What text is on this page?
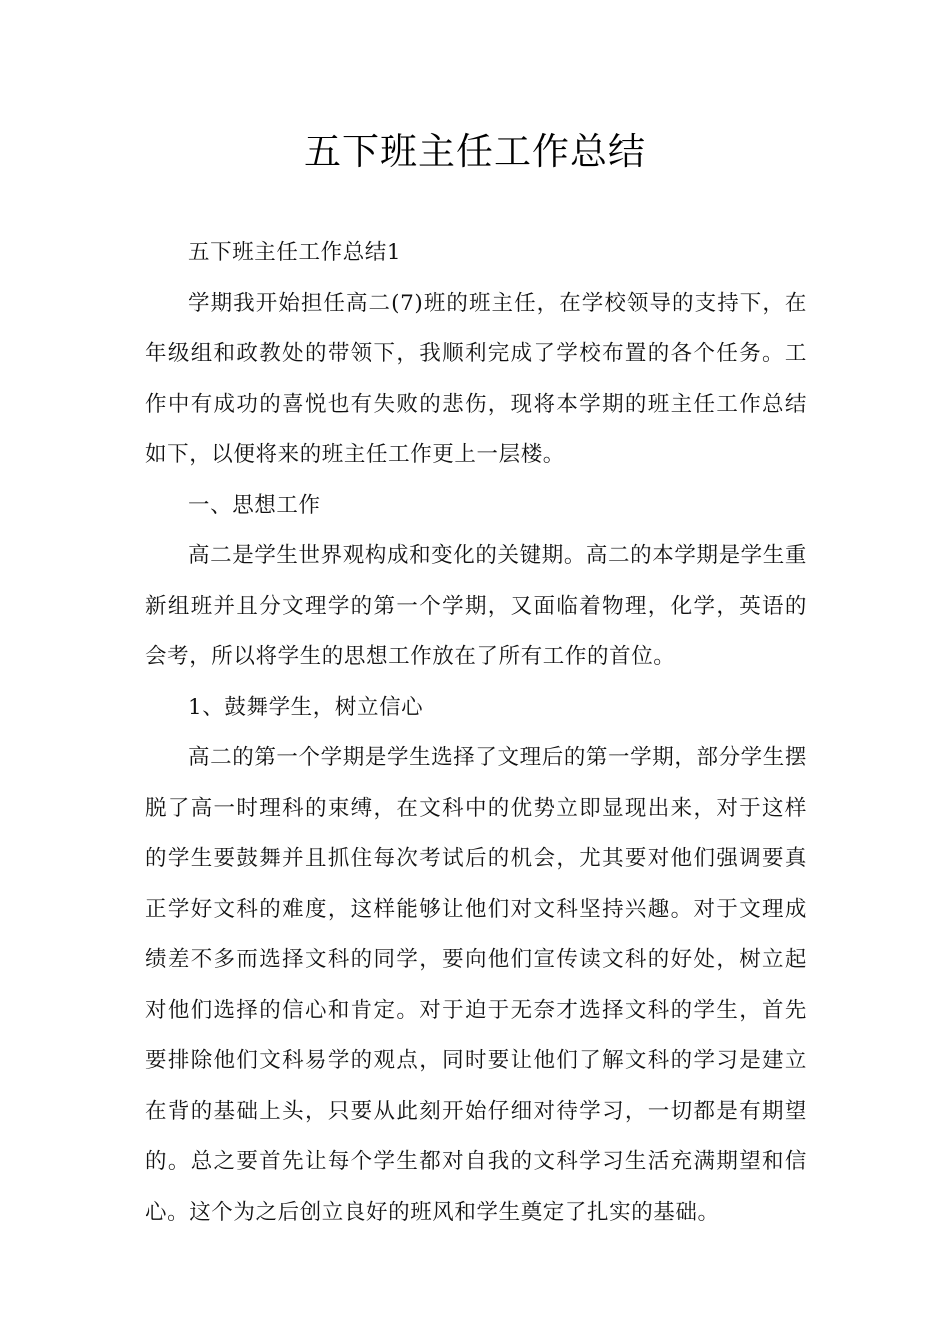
五下班主任工作总结

五下班主任工作总结1

学期我开始担任高二(7)班的班主任，在学校领导的支持下，在年级组和政教处的带领下，我顺利完成了学校布置的各个任务。工作中有成功的喜悦也有失败的悲伤，现将本学期的班主任工作总结如下，以便将来的班主任工作更上一层楼。

一、思想工作

高二是学生世界观构成和变化的关键期。高二的本学期是学生重新组班并且分文理学的第一个学期，又面临着物理，化学，英语的会考，所以将学生的思想工作放在了所有工作的首位。

1、鼓舞学生，树立信心

高二的第一个学期是学生选择了文理后的第一学期，部分学生摆脱了高一时理科的束缚，在文科中的优势立即显现出来，对于这样的学生要鼓舞并且抓住每次考试后的机会，尤其要对他们强调要真正学好文科的难度，这样能够让他们对文科坚持兴趣。对于文理成绩差不多而选择文科的同学，要向他们宣传读文科的好处，树立起对他们选择的信心和肯定。对于迫于无奈才选择文科的学生，首先要排除他们文科易学的观点，同时要让他们了解文科的学习是建立在背的基础上头，只要从此刻开始仔细对待学习，一切都是有期望的。总之要首先让每个学生都对自我的文科学习生活充满期望和信心。这个为之后创立良好的班风和学生奠定了扎实的基础。
